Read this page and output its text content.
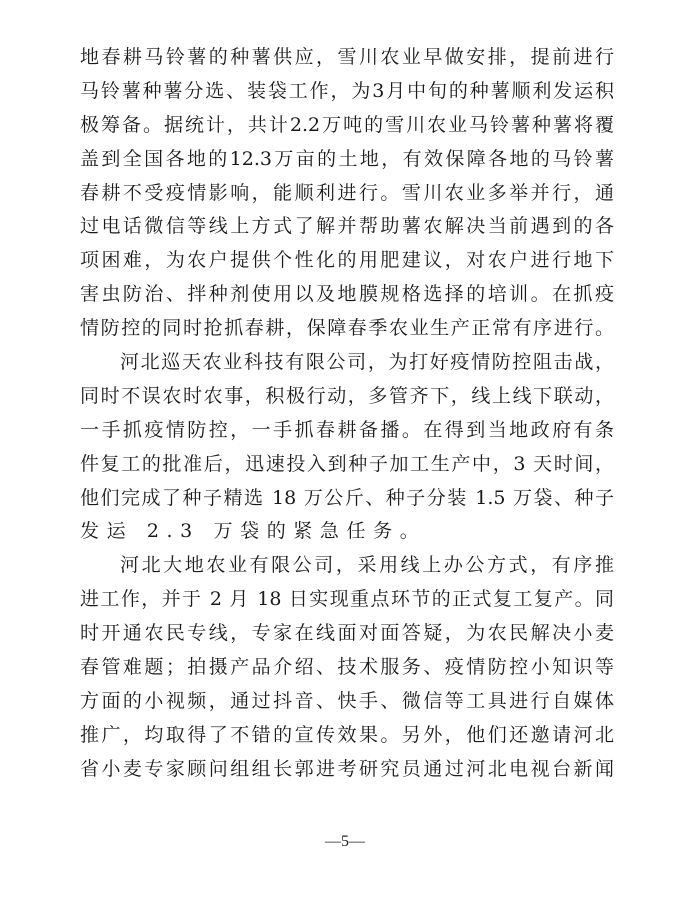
地春耕马铃薯的种薯供应，雪川农业早做安排，提前进行
马铃薯种薯分选、装袋工作，为3月中旬的种薯顺利发运积
极筹备。据统计，共计2.2万吨的雪川农业马铃薯种薯将覆
盖到全国各地的12.3万亩的土地，有效保障各地的马铃薯
春耕不受疫情影响，能顺利进行。雪川农业多举并行，通
过电话微信等线上方式了解并帮助薯农解决当前遇到的各
项困难，为农户提供个性化的用肥建议，对农户进行地下
害虫防治、拌种剂使用以及地膜规格选择的培训。在抓疫
情防控的同时抢抓春耕，保障春季农业生产正常有序进行。
河北巡天农业科技有限公司，为打好疫情防控阻击战，
同时不误农时农事，积极行动，多管齐下，线上线下联动，
一手抓疫情防控，一手抓春耕备播。在得到当地政府有条
件复工的批准后，迅速投入到种子加工生产中，3 天时间，
他们完成了种子精选 18 万公斤、种子分装 1.5 万袋、种子
发运 2.3 万袋的紧急任务。
河北大地农业有限公司，采用线上办公方式，有序推
进工作，并于 2 月 18 日实现重点环节的正式复工复产。同
时开通农民专线，专家在线面对面答疑，为农民解决小麦
春管难题；拍摄产品介绍、技术服务、疫情防控小知识等
方面的小视频，通过抖音、快手、微信等工具进行自媒体
推广，均取得了不错的宣传效果。另外，他们还邀请河北
省小麦专家顾问组组长郭进考研究员通过河北电视台新闻
—5—
